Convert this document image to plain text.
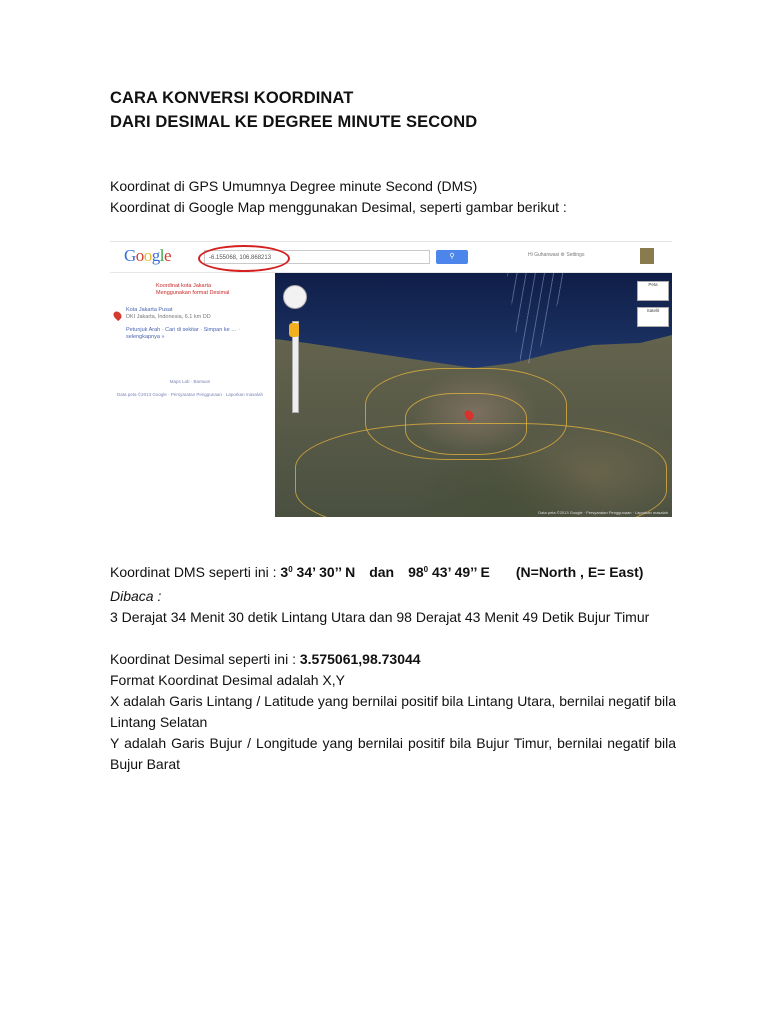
CARA KONVERSI KOORDINAT
DARI DESIMAL KE DEGREE MINUTE SECOND
Koordinat di GPS Umumnya Degree minute Second (DMS)
Koordinat di Google Map menggunakan Desimal, seperti gambar berikut :
Google	-6.155068, 106.868213	⚲	Hi Guhanwasi ⚙ Settings
Koordinat kota Jakarta Menggunakan format Desimal
Kota Jakarta Pusat
DKI Jakarta, Indonesia, 6.1 km DD
Petunjuk Arah · Cari di sekitar · Simpan ke … · selengkapnya »
Maps Lab · Bantuan
Data peta ©2013 Google · Persyaratan Penggunaan · Laporkan masalah
Peta
Satelit
Data peta ©2013 Google · Persyaratan Penggunaan · Laporkan masalah

Koordinat DMS seperti ini : $3^0$ 34’ 30’’ N dan $98^0$ 43’ 49’’ E (N=North , E= East)

Dibaca :

3 Derajat 34 Menit 30 detik Lintang Utara dan 98 Derajat 43 Menit 49 Detik Bujur Timur

Koordinat Desimal seperti ini : 3.575061,98.73044

Format Koordinat Desimal adalah X,Y

X adalah Garis Lintang / Latitude yang bernilai positif bila Lintang Utara, bernilai negatif bila Lintang Selatan

Y adalah Garis Bujur / Longitude yang bernilai positif bila Bujur Timur, bernilai negatif bila Bujur Barat
